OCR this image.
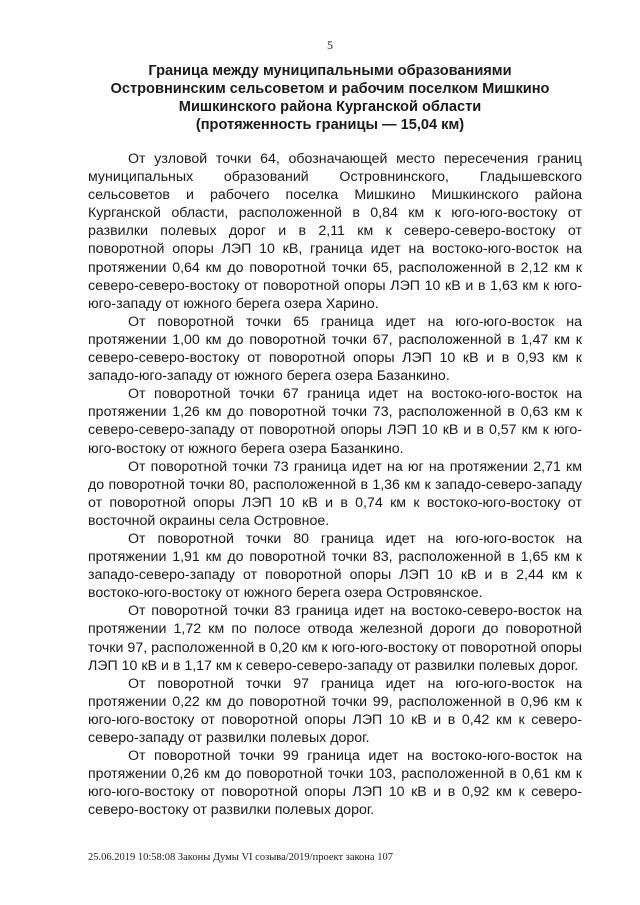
5
Граница между муниципальными образованиями
Островнинским сельсоветом и рабочим поселком Мишкино
Мишкинского района Курганской области
(протяженность границы — 15,04 км)

От узловой точки 64, обозначающей место пересечения границ муниципальных образований Островнинского, Гладышевского сельсоветов и рабочего поселка Мишкино Мишкинского района Курганской области, расположенной в 0,84 км к юго-юго-востоку от развилки полевых дорог и в 2,11 км к северо-северо-востоку от поворотной опоры ЛЭП 10 кВ, граница идет на востоко-юго-восток на протяжении 0,64 км до поворотной точки 65, расположенной в 2,12 км к северо-северо-востоку от поворотной опоры ЛЭП 10 кВ и в 1,63 км к юго-юго-западу от южного берега озера Харино.

От поворотной точки 65 граница идет на юго-юго-восток на протяжении 1,00 км до поворотной точки 67, расположенной в 1,47 км к северо-северо-востоку от поворотной опоры ЛЭП 10 кВ и в 0,93 км к западо-юго-западу от южного берега озера Базанкино.

От поворотной точки 67 граница идет на востоко-юго-восток на протяжении 1,26 км до поворотной точки 73, расположенной в 0,63 км к северо-северо-западу от поворотной опоры ЛЭП 10 кВ и в 0,57 км к юго-юго-востоку от южного берега озера Базанкино.

От поворотной точки 73 граница идет на юг на протяжении 2,71 км до поворотной точки 80, расположенной в 1,36 км к западо-северо-западу от поворотной опоры ЛЭП 10 кВ и в 0,74 км к востоко-юго-востоку от восточной окраины села Островное.

От поворотной точки 80 граница идет на юго-юго-восток на протяжении 1,91 км до поворотной точки 83, расположенной в 1,65 км к западо-северо-западу от поворотной опоры ЛЭП 10 кВ и в 2,44 км к востоко-юго-востоку от южного берега озера Островянское.

От поворотной точки 83 граница идет на востоко-северо-восток на протяжении 1,72 км по полосе отвода железной дороги до поворотной точки 97, расположенной в 0,20 км к юго-юго-востоку от поворотной опоры ЛЭП 10 кВ и в 1,17 км к северо-северо-западу от развилки полевых дорог.

От поворотной точки 97 граница идет на юго-юго-восток на протяжении 0,22 км до поворотной точки 99, расположенной в 0,96 км к юго-юго-востоку от поворотной опоры ЛЭП 10 кВ и в 0,42 км к северо-северо-западу от развилки полевых дорог.

От поворотной точки 99 граница идет на востоко-юго-восток на протяжении 0,26 км до поворотной точки 103, расположенной в 0,61 км к юго-юго-востоку от поворотной опоры ЛЭП 10 кВ и в 0,92 км к северо-северо-востоку от развилки полевых дорог.

25.06.2019 10:58:08 Законы Думы VI созыва/2019/проект закона 107
